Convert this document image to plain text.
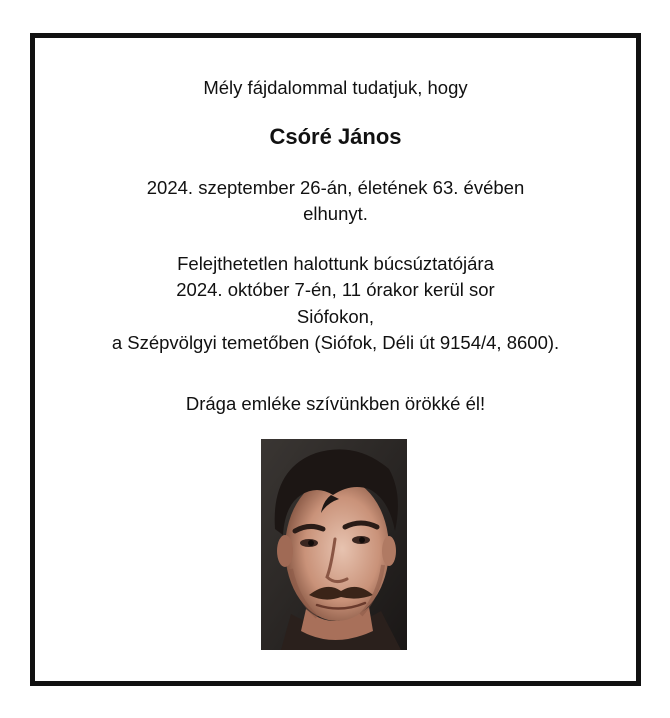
Mély fájdalommal tudatjuk, hogy
Csóré János
2024. szeptember 26-án, életének 63. évében
elhunyt.
Felejthetetlen halottunk búcsúztatójára
2024. október 7-én, 11 órakor kerül sor
Siófokon,
a Szépvölgyi temetőben (Siófok, Déli út 9154/4, 8600).
Drága emléke szívünkben örökké él!
